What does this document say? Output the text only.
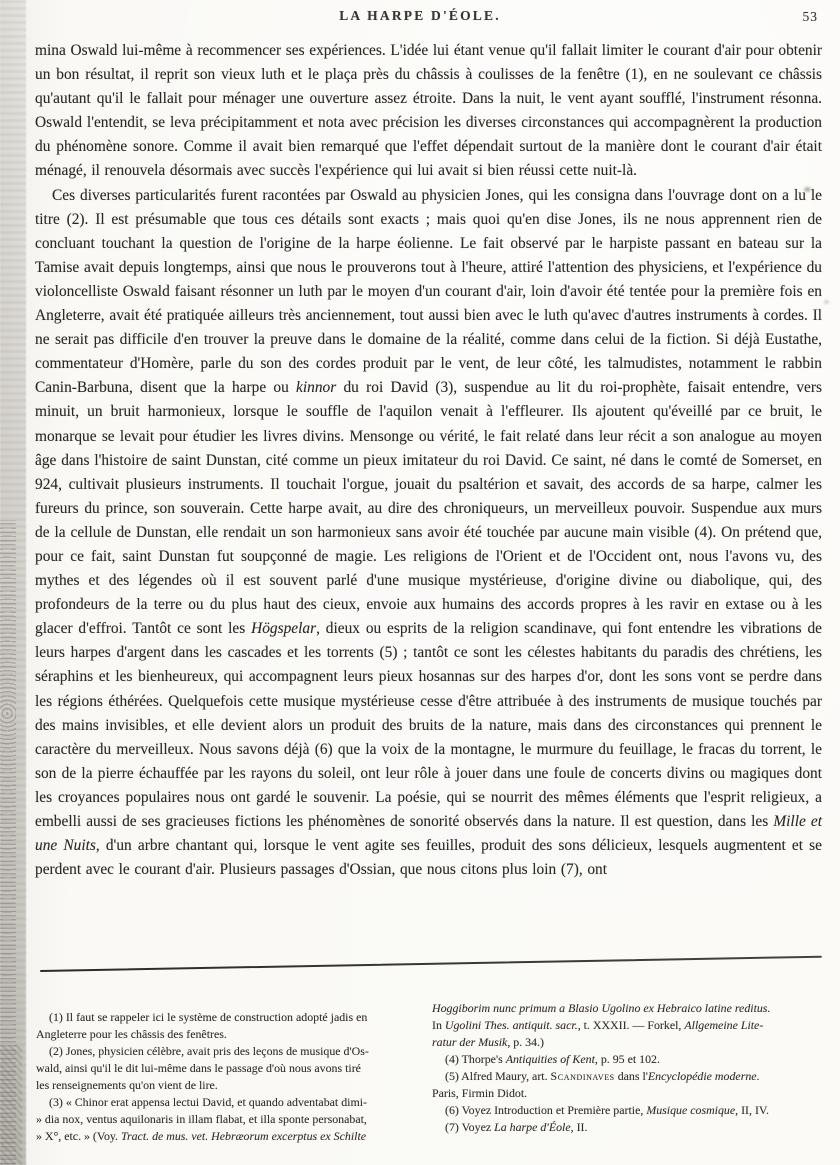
LA HARPE D'ÉOLE.	53

mina Oswald lui-même à recommencer ses expériences. L'idée lui étant venue qu'il fallait limiter le courant d'air pour obtenir un bon résultat, il reprit son vieux luth et le plaça près du châssis à coulisses de la fenêtre (1), en ne soulevant ce châssis qu'autant qu'il le fallait pour ménager une ouverture assez étroite. Dans la nuit, le vent ayant soufflé, l'instrument résonna. Oswald l'entendit, se leva précipitamment et nota avec précision les diverses circonstances qui accompagnèrent la production du phénomène sonore. Comme il avait bien remarqué que l'effet dépendait surtout de la manière dont le courant d'air était ménagé, il renouvela désormais avec succès l'expérience qui lui avait si bien réussi cette nuit-là.

Ces diverses particularités furent racontées par Oswald au physicien Jones, qui les consigna dans l'ouvrage dont on a lu le titre (2). Il est présumable que tous ces détails sont exacts ; mais quoi qu'en dise Jones, ils ne nous apprennent rien de concluant touchant la question de l'origine de la harpe éolienne. Le fait observé par le harpiste passant en bateau sur la Tamise avait depuis longtemps, ainsi que nous le prouverons tout à l'heure, attiré l'attention des physiciens, et l'expérience du violoncelliste Oswald faisant résonner un luth par le moyen d'un courant d'air, loin d'avoir été tentée pour la première fois en Angleterre, avait été pratiquée ailleurs très anciennement, tout aussi bien avec le luth qu'avec d'autres instruments à cordes. Il ne serait pas difficile d'en trouver la preuve dans le domaine de la réalité, comme dans celui de la fiction. Si déjà Eustathe, commentateur d'Homère, parle du son des cordes produit par le vent, de leur côté, les talmudistes, notamment le rabbin Canin-Barbuna, disent que la harpe ou kinnor du roi David (3), suspendue au lit du roi-prophète, faisait entendre, vers minuit, un bruit harmonieux, lorsque le souffle de l'aquilon venait à l'effleurer. Ils ajoutent qu'éveillé par ce bruit, le monarque se levait pour étudier les livres divins. Mensonge ou vérité, le fait relaté dans leur récit a son analogue au moyen âge dans l'histoire de saint Dunstan, cité comme un pieux imitateur du roi David. Ce saint, né dans le comté de Somerset, en 924, cultivait plusieurs instruments. Il touchait l'orgue, jouait du psaltérion et savait, des accords de sa harpe, calmer les fureurs du prince, son souverain. Cette harpe avait, au dire des chroniqueurs, un merveilleux pouvoir. Suspendue aux murs de la cellule de Dunstan, elle rendait un son harmonieux sans avoir été touchée par aucune main visible (4). On prétend que, pour ce fait, saint Dunstan fut soupçonné de magie. Les religions de l'Orient et de l'Occident ont, nous l'avons vu, des mythes et des légendes où il est souvent parlé d'une musique mystérieuse, d'origine divine ou diabolique, qui, des profondeurs de la terre ou du plus haut des cieux, envoie aux humains des accords propres à les ravir en extase ou à les glacer d'effroi. Tantôt ce sont les Högspelar, dieux ou esprits de la religion scandinave, qui font entendre les vibrations de leurs harpes d'argent dans les cascades et les torrents (5) ; tantôt ce sont les célestes habitants du paradis des chrétiens, les séraphins et les bienheureux, qui accompagnent leurs pieux hosannas sur des harpes d'or, dont les sons vont se perdre dans les régions éthérées. Quelquefois cette musique mystérieuse cesse d'être attribuée à des instruments de musique touchés par des mains invisibles, et elle devient alors un produit des bruits de la nature, mais dans des circonstances qui prennent le caractère du merveilleux. Nous savons déjà (6) que la voix de la montagne, le murmure du feuillage, le fracas du torrent, le son de la pierre échauffée par les rayons du soleil, ont leur rôle à jouer dans une foule de concerts divins ou magiques dont les croyances populaires nous ont gardé le souvenir. La poésie, qui se nourrit des mêmes éléments que l'esprit religieux, a embelli aussi de ses gracieuses fictions les phénomènes de sonorité observés dans la nature. Il est question, dans les Mille et une Nuits, d'un arbre chantant qui, lorsque le vent agite ses feuilles, produit des sons délicieux, lesquels augmentent et se perdent avec le courant d'air. Plusieurs passages d'Ossian, que nous citons plus loin (7), ont

(1) Il faut se rappeler ici le système de construction adopté jadis en
Angleterre pour les châssis des fenêtres.

(2) Jones, physicien célèbre, avait pris des leçons de musique d'Os-
wald, ainsi qu'il le dit lui-même dans le passage d'où nous avons tiré
les renseignements qu'on vient de lire.

(3) « Chinor erat appensa lectui David, et quando adventabat dimi-
» dia nox, ventus aquilonaris in illam flabat, et illa sponte personabat,
» X°, etc. » (Voy. Tract. de mus. vet. Hebræorum excerptus ex Schilte

Hoggiborim nunc primum a Blasio Ugolino ex Hebraico latine reditus.
In Ugolini Thes. antiquit. sacr., t. XXXII. — Forkel, Allgemeine Lite-
ratur der Musik, p. 34.)

(4) Thorpe's Antiquities of Kent, p. 95 et 102.

(5) Alfred Maury, art. Scandinaves dans l'Encyclopédie moderne.
Paris, Firmin Didot.

(6) Voyez Introduction et Première partie, Musique cosmique, II, IV.

(7) Voyez La harpe d'Éole, II.
